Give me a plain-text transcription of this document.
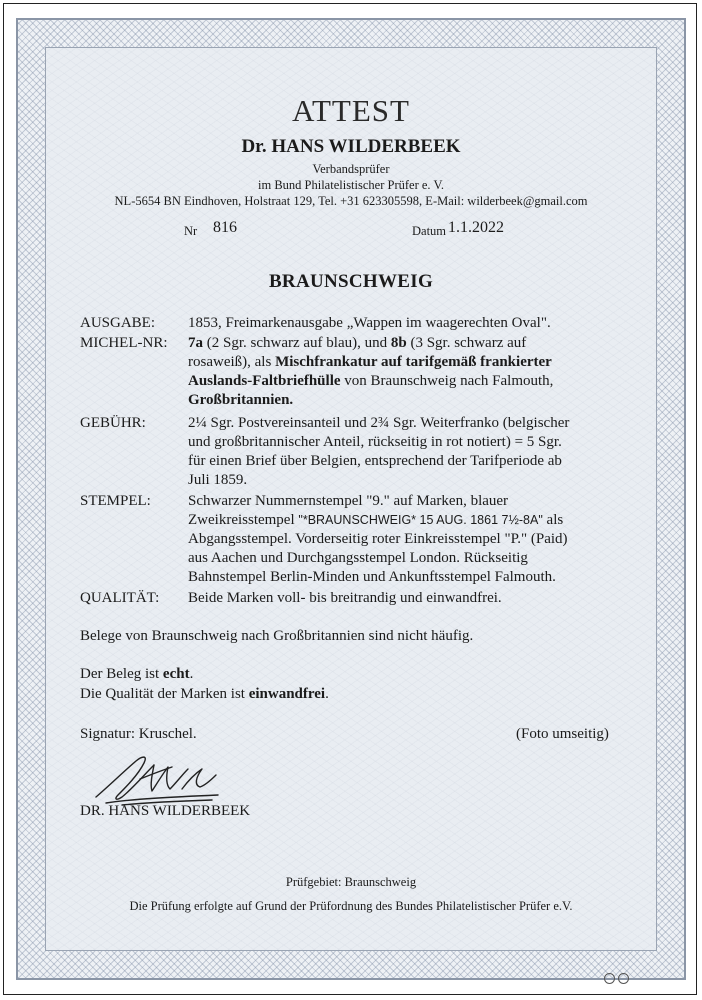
ATTEST
Dr. HANS WILDERBEEK
Verbandsprüfer
im Bund Philatelistischer Prüfer e. V.
NL-5654 BN Eindhoven, Holstraat 129, Tel. +31 623305598, E-Mail: wilderbeek@gmail.com
Nr 816	Datum 1.1.2022
BRAUNSCHWEIG
AUSGABE: 1853, Freimarkenausgabe „Wappen im waagerechten Oval".
MICHEL-NR: 7a (2 Sgr. schwarz auf blau), und 8b (3 Sgr. schwarz auf
rosaweiß), als Mischfrankatur auf tarifgemäß frankierter
Auslands-Faltbriefhülle von Braunschweig nach Falmouth,
Großbritannien.
GEBÜHR:	2¼ Sgr. Postvereinsanteil und 2¾ Sgr. Weiterfranko (belgischer
und großbritannischer Anteil, rückseitig in rot notiert) = 5 Sgr.
für einen Brief über Belgien, entsprechend der Tarifperiode ab
Juli 1859.
STEMPEL: Schwarzer Nummernstempel "9." auf Marken, blauer
Zweikreisstempel "*BRAUNSCHWEIG* 15 AUG. 1861 7½-8A" als
Abgangsstempel. Vorderseitig roter Einkreisstempel "P." (Paid)
aus Aachen und Durchgangsstempel London. Rückseitig
Bahnstempel Berlin-Minden und Ankunftsstempel Falmouth.
QUALITÄT: Beide Marken voll- bis breitrandig und einwandfrei.
Belege von Braunschweig nach Großbritannien sind nicht häufig.
Der Beleg ist echt.
Die Qualität der Marken ist einwandfrei.
Signatur: Kruschel.	(Foto umseitig)
DR. HANS WILDERBEEK
Prüfgebiet: Braunschweig
Die Prüfung erfolgte auf Grund der Prüfordnung des Bundes Philatelistischer Prüfer e.V.
